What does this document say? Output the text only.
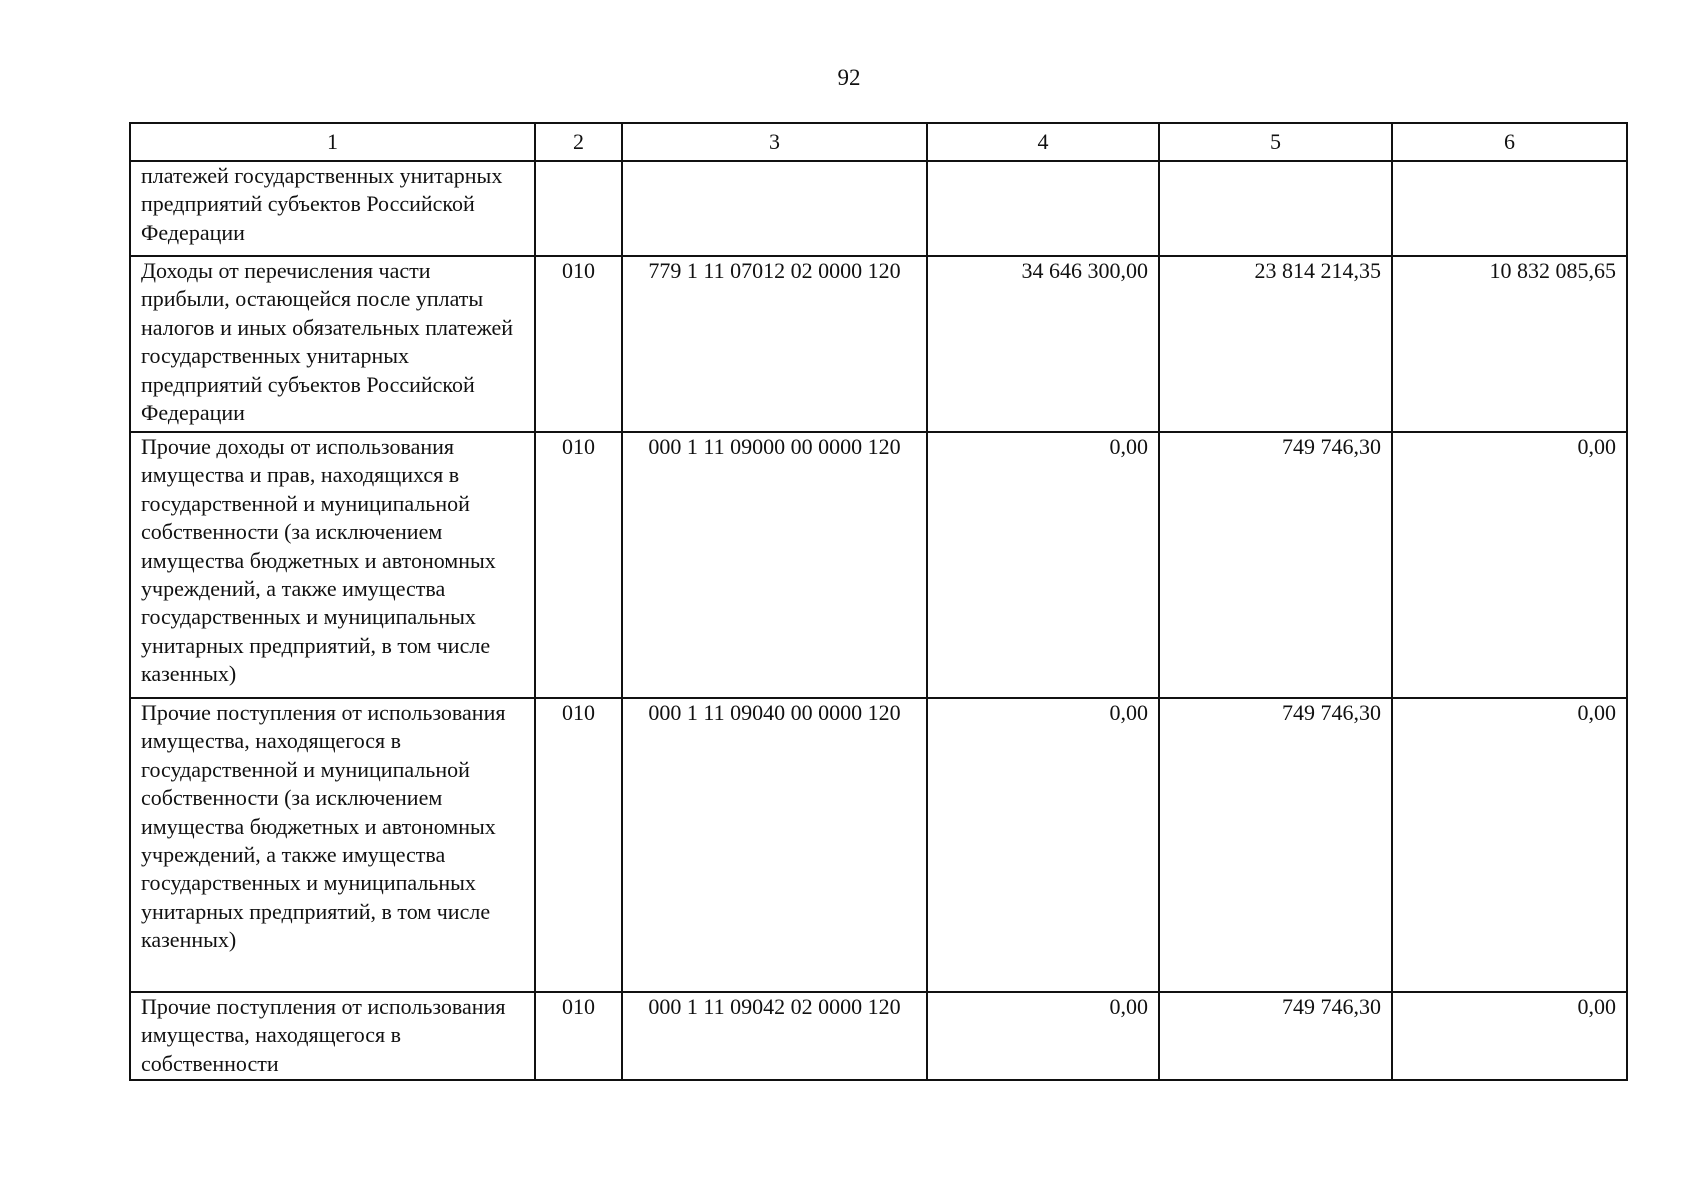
92
1	2	3	4	5	6
платежей государственных унитарных предприятий субъектов Российской Федерации					
Доходы от перечисления части прибыли, остающейся после уплаты налогов и иных обязательных платежей государственных унитарных предприятий субъектов Российской Федерации	010	779 1 11 07012 02 0000 120	34 646 300,00	23 814 214,35	10 832 085,65
Прочие доходы от использования имущества и прав, находящихся в государственной и муниципальной собственности (за исключением имущества бюджетных и автономных учреждений, а также имущества государственных и муниципальных унитарных предприятий, в том числе казенных)	010	000 1 11 09000 00 0000 120	0,00	749 746,30	0,00
Прочие поступления от использования имущества, находящегося в государственной и муниципальной собственности (за исключением имущества бюджетных и автономных учреждений, а также имущества государственных и муниципальных унитарных предприятий, в том числе казенных)	010	000 1 11 09040 00 0000 120	0,00	749 746,30	0,00
Прочие поступления от использования имущества, находящегося в собственности	010	000 1 11 09042 02 0000 120	0,00	749 746,30	0,00
